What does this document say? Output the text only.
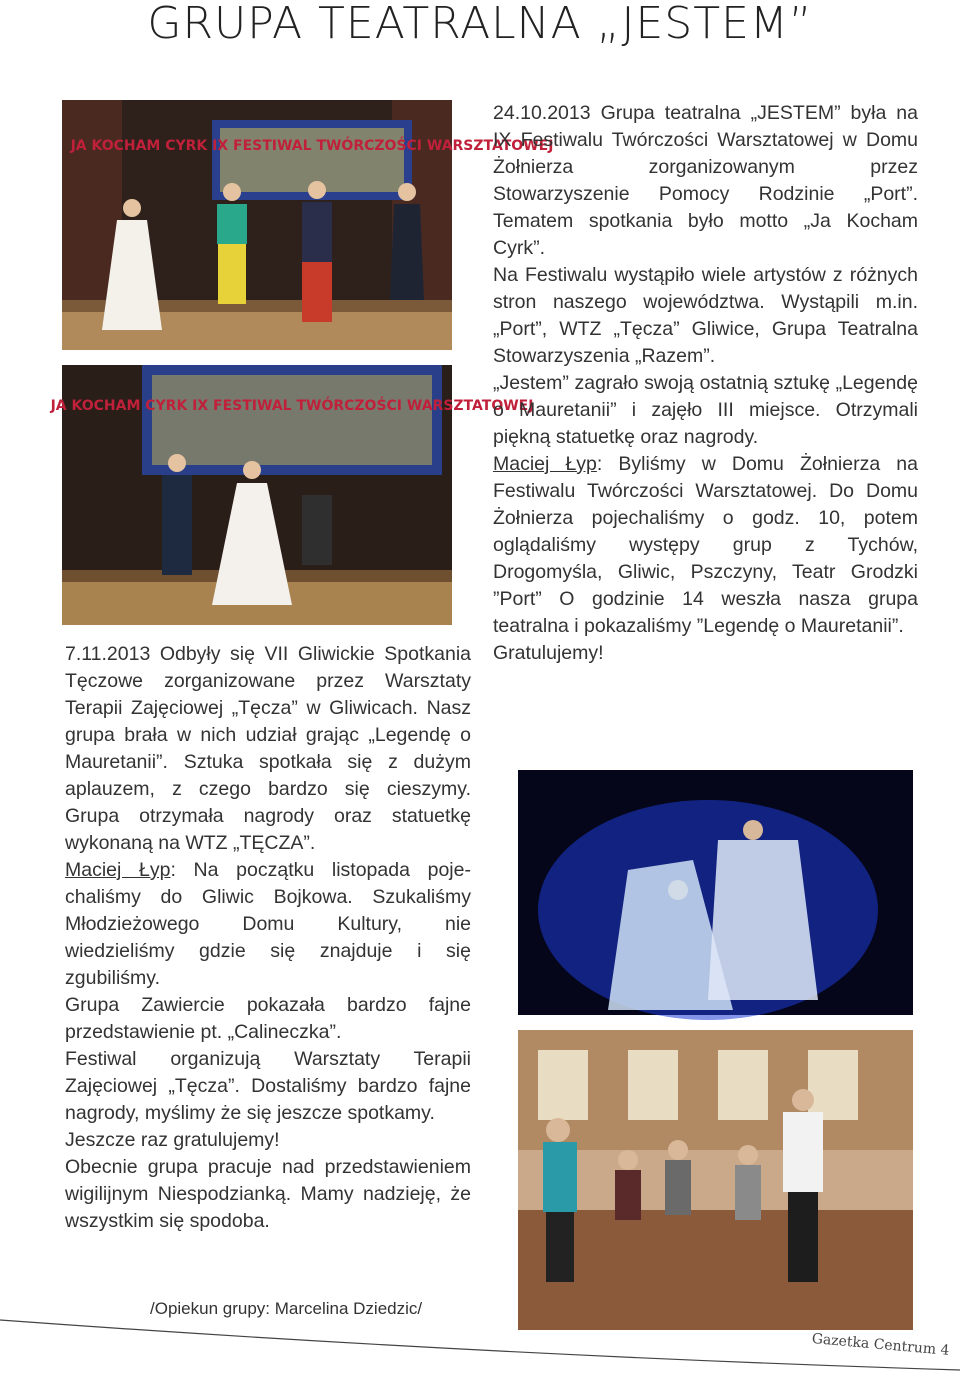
GRUPA TEATRALNA „JESTEM”
JA KOCHAM CYRK IX FESTIWAL TWÓRCZOŚCI WARSZTATOWEJ
JA KOCHAM CYRK IX FESTIWAL TWÓRCZOŚCI WARSZTATOWEJ

7.11.2013 Odbyły się VII Gliwickie Spotkania Tęczowe zorganizowane przez Warsztaty Terapii Zajęciowej „Tęcza” w Gliwicach. Nasz grupa brała w nich udział grając „Legendę o Mauretanii”. Sztuka spotkała się z dużym aplauzem, z czego bardzo się cieszymy. Grupa otrzymała nagrody oraz statuetkę wykonaną na WTZ „TĘCZA”.

Maciej Łyp: Na początku listopada pojechaliśmy do Gliwic Bojkowa. Szukaliśmy Młodzieżowego Domu Kultury, nie wiedzieliśmy gdzie się znajduje i się zgubiliśmy.

Grupa Zawiercie pokazała bardzo fajne przedstawienie pt. „Calineczka”.

Festiwal organizują Warsztaty Terapii Zajęciowej „Tęcza”. Dostaliśmy bardzo fajne nagrody, myślimy że się jeszcze spotkamy.

Jeszcze raz gratulujemy!

Obecnie grupa pracuje nad przedstawieniem wigilijnym Niespodzianką. Mamy nadzieję, że wszystkim się spodoba.

/Opiekun grupy: Marcelina Dziedzic/

24.10.2013 Grupa teatralna „JESTEM” była na IX Festiwalu Twórczości Warsztatowej w Domu Żołnierza zorganizowanym przez Stowarzyszenie Pomocy Rodzinie „Port”. Tematem spotkania było motto „Ja Kocham Cyrk”.

Na Festiwalu wystąpiło wiele artystów z różnych stron naszego województwa. Wystąpili m.in. „Port”, WTZ „Tęcza” Gliwice, Grupa Teatralna Stowarzyszenia „Razem”.

„Jestem” zagrało swoją ostatnią sztukę „Legendę o Mauretanii” i zajęło III miejsce. Otrzymali piękną statuetkę oraz nagrody.

Maciej Łyp: Byliśmy w Domu Żołnierza na Festiwalu Twórczości Warsztatowej. Do Domu Żołnierza pojechaliśmy o godz. 10, potem oglądaliśmy występy grup z Tychów, Drogomyśla, Gliwic, Pszczyny, Teatr Grodzki ”Port” O godzinie 14 weszła nasza grupa teatralna i pokazaliśmy ”Legendę o Mauretanii”.

Gratulujemy!

Gazetka Centrum 4
